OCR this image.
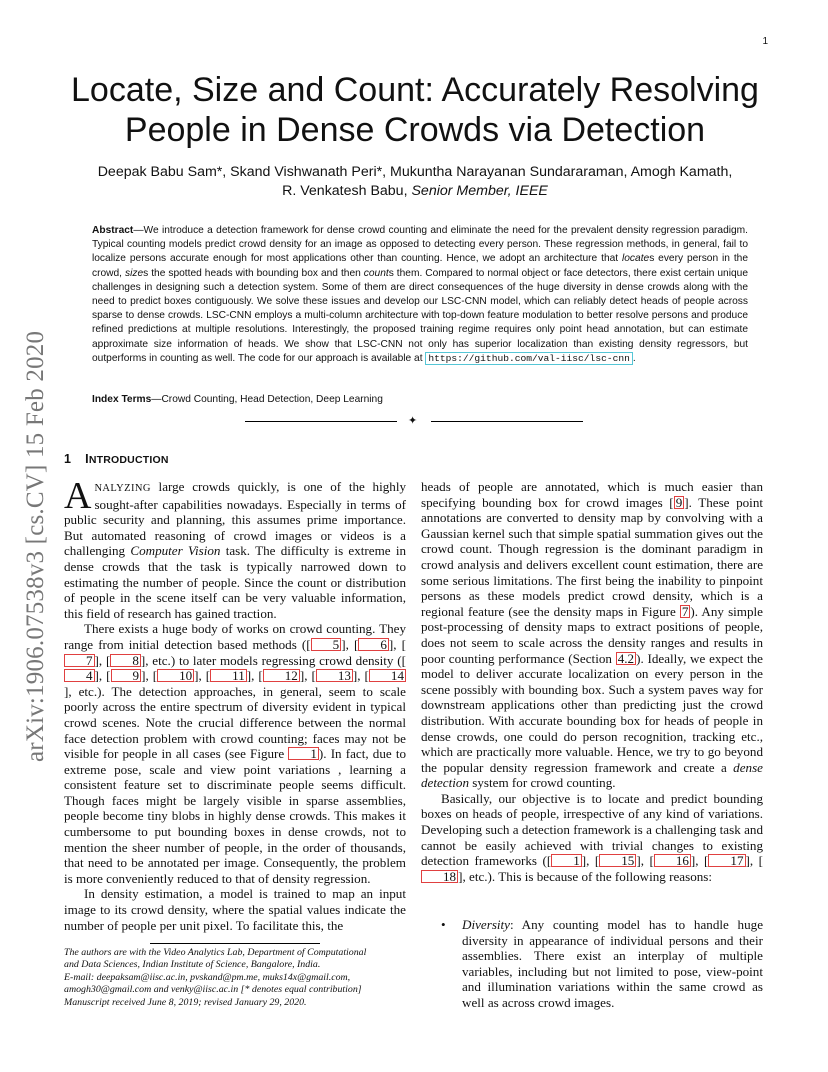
1
arXiv:1906.07538v3 [cs.CV] 15 Feb 2020
Locate, Size and Count: Accurately Resolving
People in Dense Crowds via Detection
Deepak Babu Sam*, Skand Vishwanath Peri*, Mukuntha Narayanan Sundararaman, Amogh Kamath,
R. Venkatesh Babu, Senior Member, IEEE
Abstract—We introduce a detection framework for dense crowd counting and eliminate the need for the prevalent density regression paradigm. Typical counting models predict crowd density for an image as opposed to detecting every person. These regression methods, in general, fail to localize persons accurate enough for most applications other than counting. Hence, we adopt an architecture that locates every person in the crowd, sizes the spotted heads with bounding box and then counts them. Compared to normal object or face detectors, there exist certain unique challenges in designing such a detection system. Some of them are direct consequences of the huge diversity in dense crowds along with the need to predict boxes contiguously. We solve these issues and develop our LSC-CNN model, which can reliably detect heads of people across sparse to dense crowds. LSC-CNN employs a multi-column architecture with top-down feature modulation to better resolve persons and produce refined predictions at multiple resolutions. Interestingly, the proposed training regime requires only point head annotation, but can estimate approximate size information of heads. We show that LSC-CNN not only has superior localization than existing density regressors, but outperforms in counting as well. The code for our approach is available at https://github.com/val-iisc/lsc-cnn .
Index Terms—Crowd Counting, Head Detection, Deep Learning
✦
1 INTRODUCTION

ANALYZING large crowds quickly, is one of the highly sought-after capabilities nowadays. Especially in terms of public security and planning, this assumes prime importance. But automated reasoning of crowd images or videos is a challenging Computer Vision task. The difficulty is extreme in dense crowds that the task is typically narrowed down to estimating the number of people. Since the count or distribution of people in the scene itself can be very valuable information, this field of research has gained traction.

There exists a huge body of works on crowd counting. They range from initial detection based methods ([ 5 ], [ 6 ], [7 ], [ 8 ], etc.) to later models regressing crowd density ([4 ], [ 9 ], [ 10 ], [ 11 ], [ 12 ], [ 13 ], [ 14], etc.). The detection approaches, in general, seem to scale poorly across the entire spectrum of diversity evident in typical crowd scenes. Note the crucial difference between the normal face detection problem with crowd counting; faces may not be visible for people in all cases (see Figure 1 ). In fact, due to extreme pose, scale and view point variations , learning a consistent feature set to discriminate people seems difficult. Though faces might be largely visible in sparse assemblies, people become tiny blobs in highly dense crowds. This makes it cumbersome to put bounding boxes in dense crowds, not to mention the sheer number of people, in the order of thousands, that need to be annotated per image. Consequently, the problem is more conveniently reduced to that of density regression.

In density estimation, a model is trained to map an input image to its crowd density, where the spatial values indicate the number of people per unit pixel. To facilitate this, the

The authors are with the Video Analytics Lab, Department of Computational
and Data Sciences, Indian Institute of Science, Bangalore, India.
E-mail: deepaksam@iisc.ac.in, pvskand@pm.me, muks14x@gmail.com,
amogh30@gmail.com and venky@iisc.ac.in [* denotes equal contribution]
Manuscript received June 8, 2019; revised January 29, 2020.

heads of people are annotated, which is much easier than specifying bounding box for crowd images [ 9 ]. These point annotations are converted to density map by convolving with a Gaussian kernel such that simple spatial summation gives out the crowd count. Though regression is the dominant paradigm in crowd analysis and delivers excellent count estimation, there are some serious limitations. The first being the inability to pinpoint persons as these models predict crowd density, which is a regional feature (see the density maps in Figure 7 ). Any simple post-processing of density maps to extract positions of people, does not seem to scale across the density ranges and results in poor counting performance (Section 4.2 ). Ideally, we expect the model to deliver accurate localization on every person in the scene possibly with bounding box. Such a system paves way for downstream applications other than predicting just the crowd distribution. With accurate bounding box for heads of people in dense crowds, one could do person recognition, tracking etc., which are practically more valuable. Hence, we try to go beyond the popular density regression framework and create a dense detection system for crowd counting.

Basically, our objective is to locate and predict bounding boxes on heads of people, irrespective of any kind of variations. Developing such a detection framework is a challenging task and cannot be easily achieved with trivial changes to existing detection frameworks ([ 1 ], [ 15 ], [ 16 ], [ 17 ], [18 ], etc.). This is because of the following reasons:

• Diversity: Any counting model has to handle huge diversity in appearance of individual persons and their assemblies. There exist an interplay of multiple variables, including but not limited to pose, view-point and illumination variations within the same crowd as well as across crowd images.
